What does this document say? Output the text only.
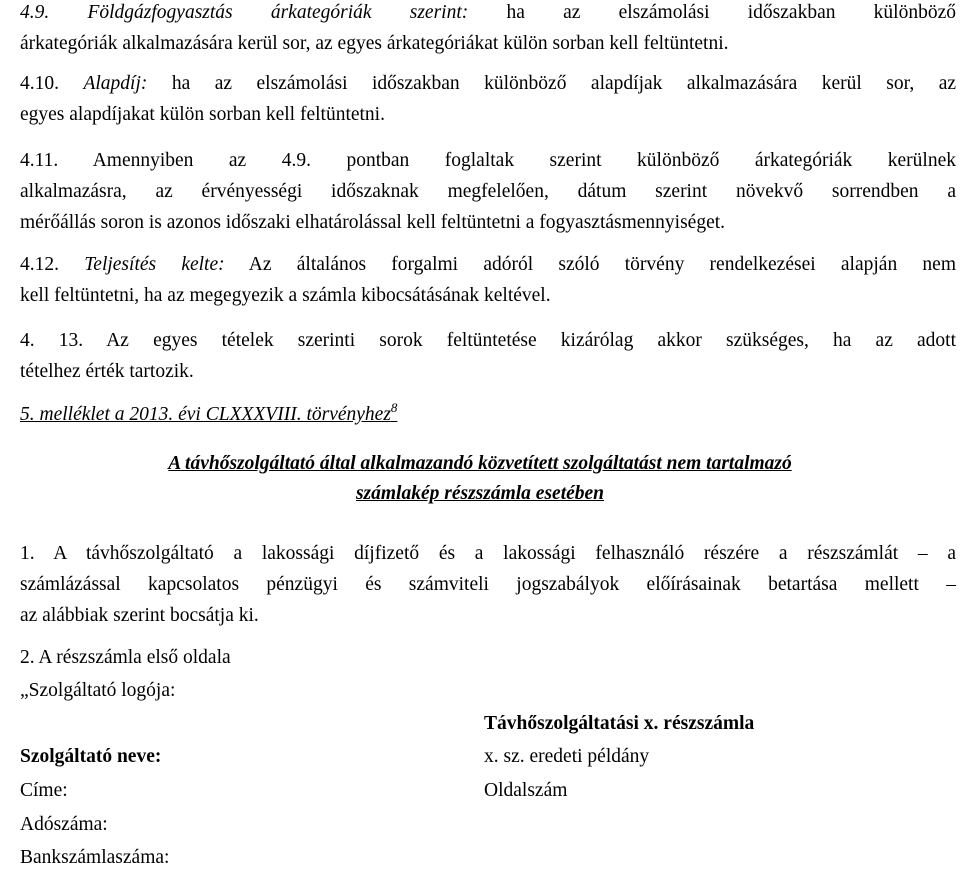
4.9. Földgázfogyasztás árkategóriák szerint: ha az elszámolási időszakban különböző
árkategóriák alkalmazására kerül sor, az egyes árkategóriákat külön sorban kell feltüntetni.
4.10. Alapdíj: ha az elszámolási időszakban különböző alapdíjak alkalmazására kerül sor, az
egyes alapdíjakat külön sorban kell feltüntetni.
4.11. Amennyiben az 4.9. pontban foglaltak szerint különböző árkategóriák kerülnek
alkalmazásra, az érvényességi időszaknak megfelelően, dátum szerint növekvő sorrendben a
mérőállás soron is azonos időszaki elhatárolással kell feltüntetni a fogyasztásmennyiséget.
4.12. Teljesítés kelte: Az általános forgalmi adóról szóló törvény rendelkezései alapján nem
kell feltüntetni, ha az megegyezik a számla kibocsátásának keltével.
4. 13. Az egyes tételek szerinti sorok feltüntetése kizárólag akkor szükséges, ha az adott
tételhez érték tartozik.
5. melléklet a 2013. évi CLXXXVIII. törvényhez$^8$
A távhőszolgáltató által alkalmazandó közvetített szolgáltatást nem tartalmazó
számlakép részszámla esetében
1. A távhőszolgáltató a lakossági díjfizető és a lakossági felhasználó részére a részszámlát – a
számlázással kapcsolatos pénzügyi és számviteli jogszabályok előírásainak betartása mellett –
az alábbiak szerint bocsátja ki.
2. A részszámla első oldala
„Szolgáltató logója:
Távhőszolgáltatási x. részszámla
x. sz. eredeti példány
Oldalszám
Szolgáltató neve:
Címe:
Adószáma:
Bankszámlaszáma:
